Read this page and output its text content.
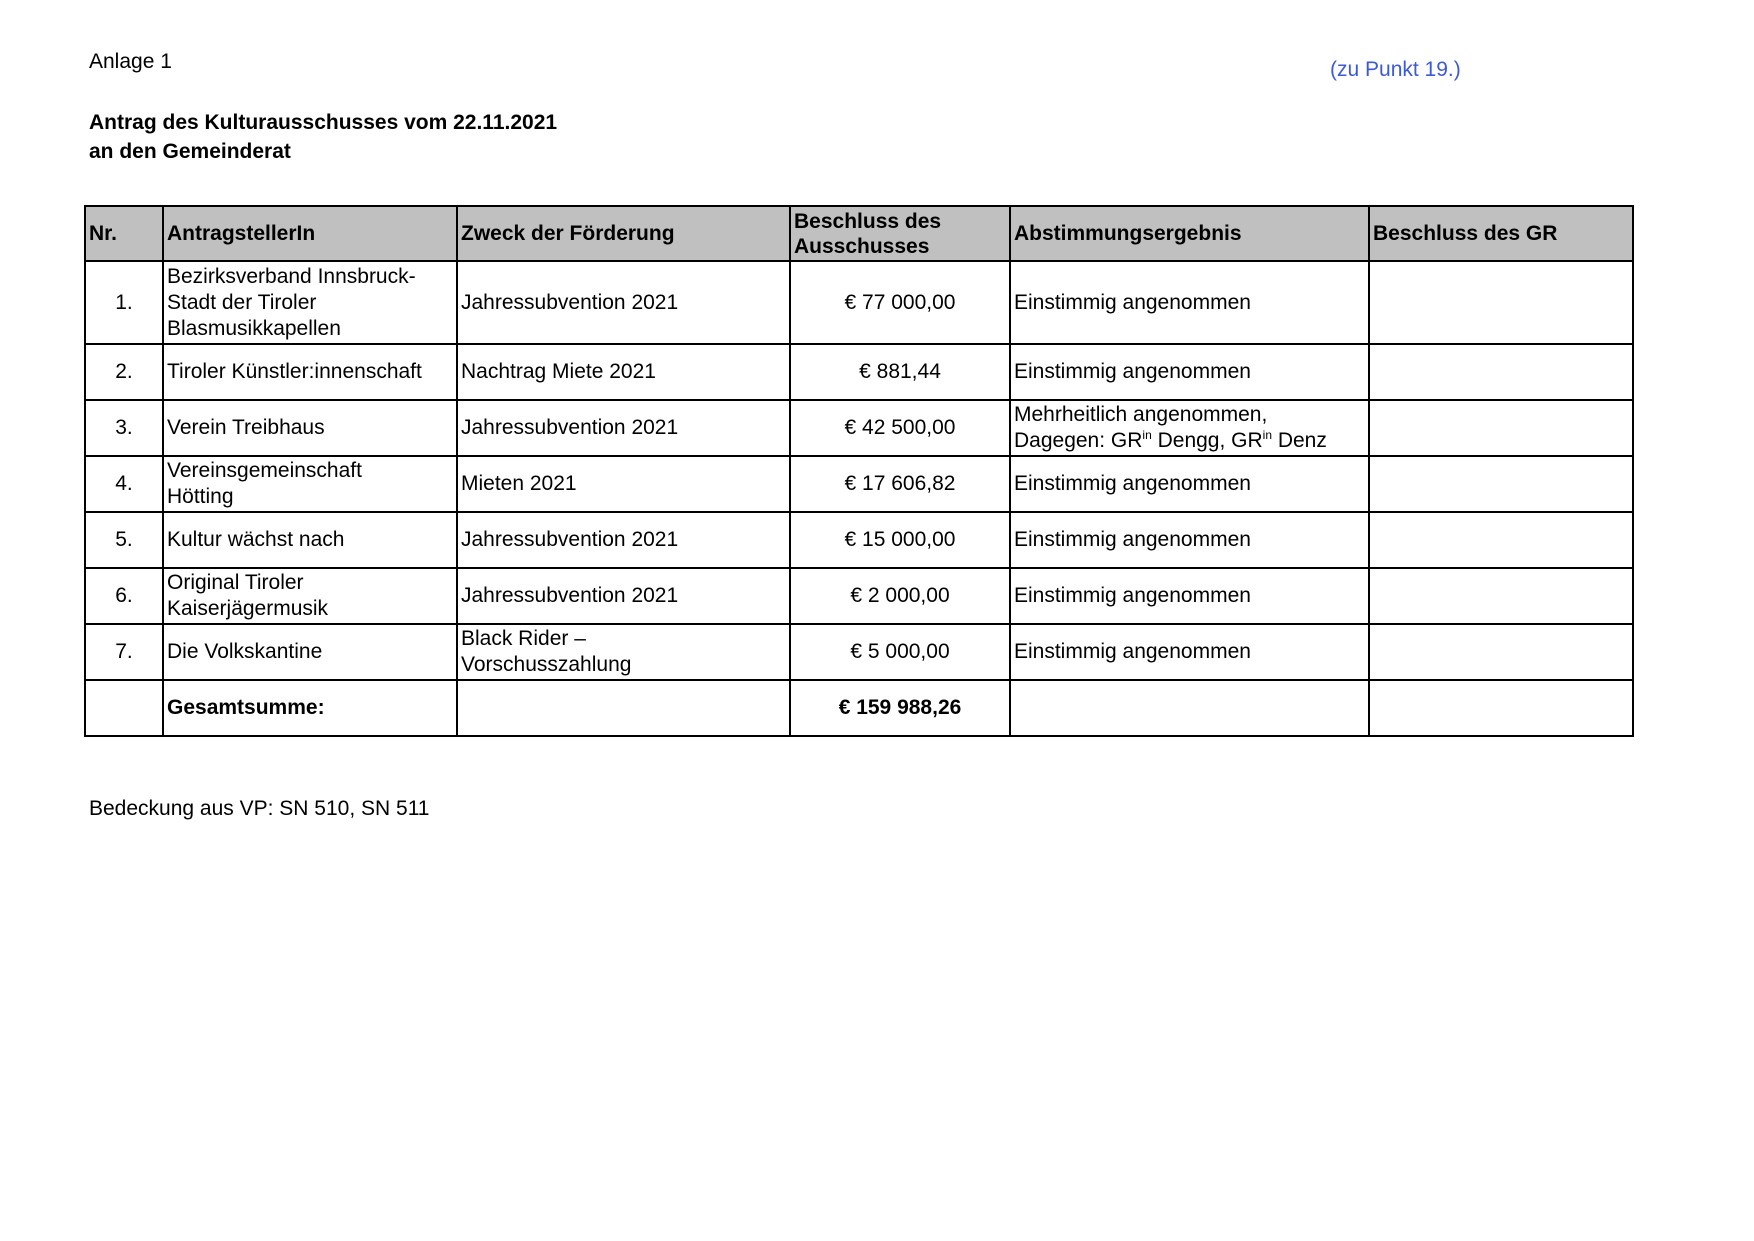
Anlage 1	(zu Punkt 19.)
Antrag des Kulturausschusses vom 22.11.2021
an den Gemeinderat
Nr.	AntragstellerIn	Zweck der Förderung	Beschluss des
Ausschusses	Abstimmungsergebnis	Beschluss des GR
1.	Bezirksverband Innsbruck-
Stadt der Tiroler
Blasmusikkapellen	Jahressubvention 2021	€ 77 000,00	Einstimmig angenommen	
2.	Tiroler Künstler:innenschaft	Nachtrag Miete 2021	€ 881,44	Einstimmig angenommen	
3.	Verein Treibhaus	Jahressubvention 2021	€ 42 500,00	Mehrheitlich angenommen,
Dagegen: $GR^{in}$ Dengg, $GR^{in}$ Denz	

4.	Vereinsgemeinschaft
Hötting	Mieten 2021	€ 17 606,82	Einstimmig angenommen	
5.	Kultur wächst nach	Jahressubvention 2021	€ 15 000,00	Einstimmig angenommen	
6.	Original Tiroler
Kaiserjägermusik	Jahressubvention 2021	€ 2 000,00	Einstimmig angenommen	
7.	Die Volkskantine	Black Rider –
Vorschusszahlung	€ 5 000,00	Einstimmig angenommen	
	Gesamtsumme:		€ 159 988,26		
Bedeckung aus VP: SN 510, SN 511
